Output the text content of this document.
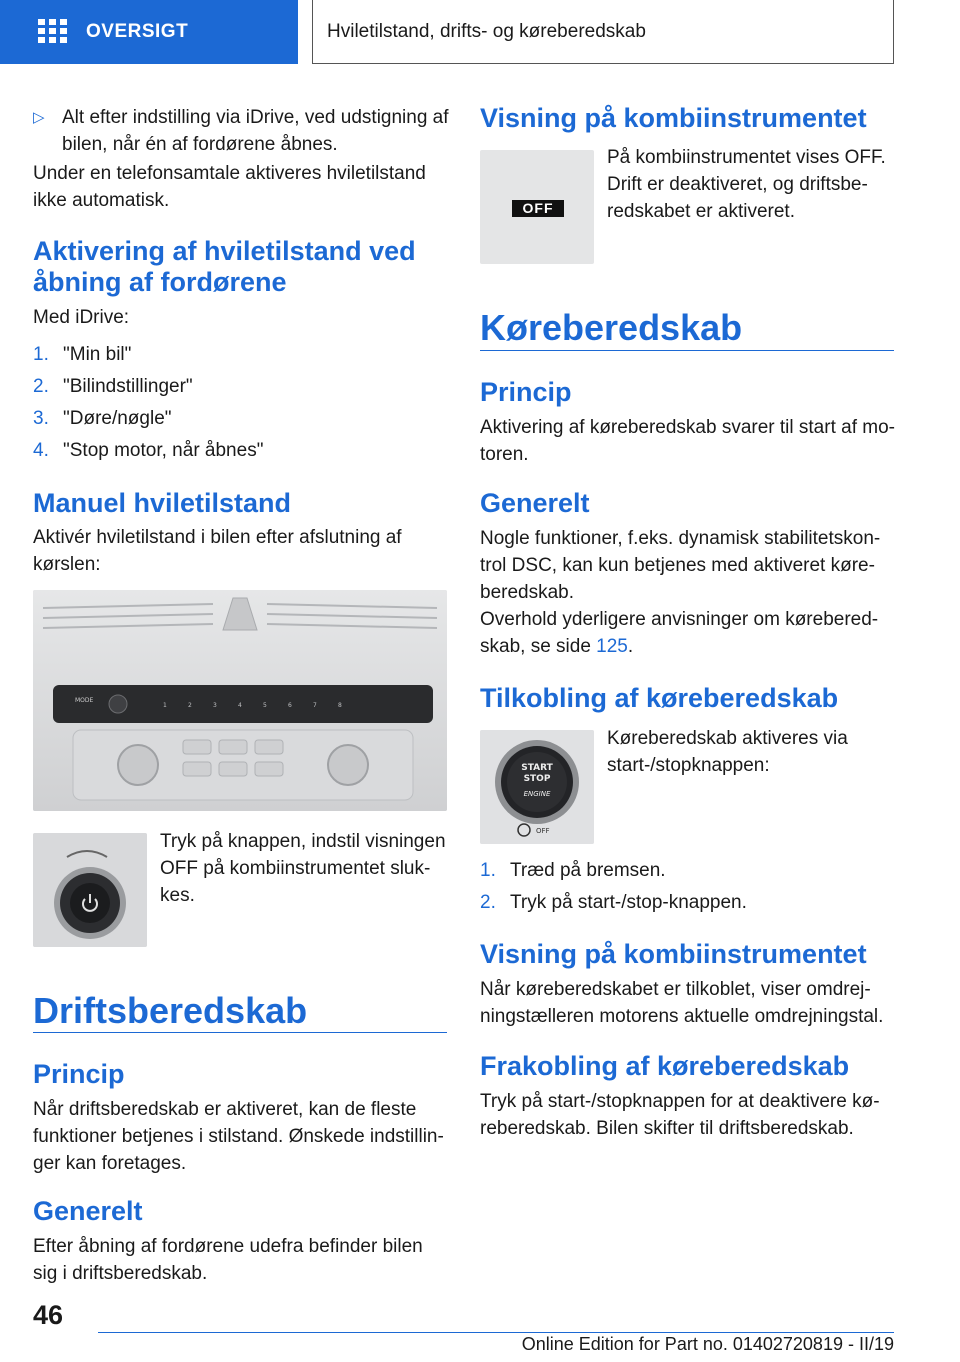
OVERSIGT	Hviletilstand, drifts- og køreberedskab
▷ Alt efter indstilling via iDrive, ved udstigning af
bilen, når én af fordørene åbnes.
Under en telefonsamtale aktiveres hviletilstand
ikke automatisk.
Aktivering af hviletilstand ved
åbning af fordørene
Med iDrive:
1. "Min bil"
2. "Bilindstillinger"
3. "Døre/nøgle"
4. "Stop motor, når åbnes"
Manuel hviletilstand
Aktivér hviletilstand i bilen efter afslutning af
kørslen:
MODE
1	2	3	4	5	6	7	8
Tryk på knappen, indstil visningen
OFF på kombiinstrumentet sluk-
kes.
Driftsberedskab
Princip
Når driftsberedskab er aktiveret, kan de fleste
funktioner betjenes i stilstand. Ønskede indstillin-
ger kan foretages.
Generelt
Efter åbning af fordørene udefra befinder bilen
sig i driftsberedskab.
Visning på kombiinstrumentet
OFF
På kombiinstrumentet vises OFF.
Drift er deaktiveret, og driftsbe-
redskabet er aktiveret.
Køreberedskab
Princip
Aktivering af køreberedskab svarer til start af mo-
toren.
Generelt
Nogle funktioner, f.eks. dynamisk stabilitetskon-
trol DSC, kan kun betjenes med aktiveret køre-
beredskab.
Overhold yderligere anvisninger om kørebered-
skab, se side 125.
Tilkobling af køreberedskab
START
STOP
ENGINE
OFF
Køreberedskab aktiveres via
start-/stopknappen:
1. Træd på bremsen.
2. Tryk på start-/stop-knappen.
Visning på kombiinstrumentet
Når køreberedskabet er tilkoblet, viser omdrej-
ningstælleren motorens aktuelle omdrejningstal.
Frakobling af køreberedskab
Tryk på start-/stopknappen for at deaktivere kø-
reberedskab. Bilen skifter til driftsberedskab.
46
Online Edition for Part no. 01402720819 - II/19
